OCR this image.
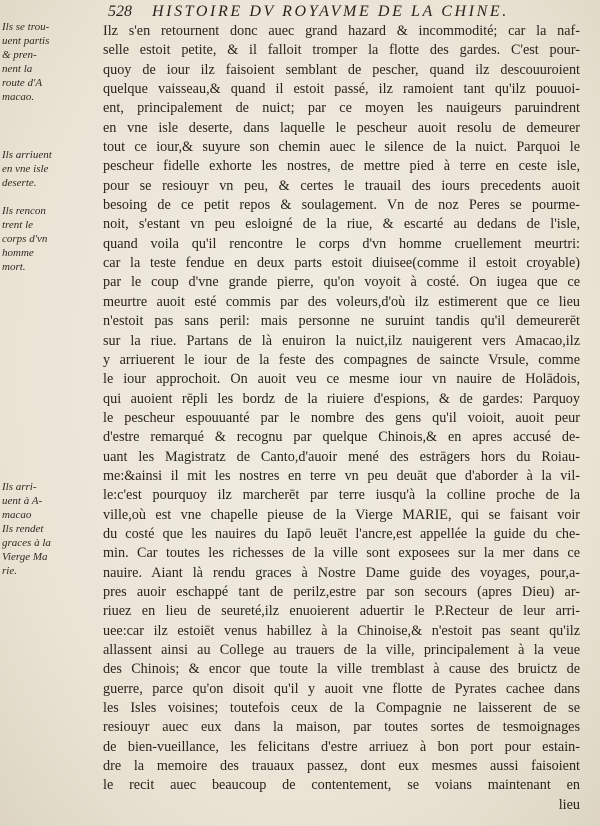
528 HISTOIRE DV ROYAVME DE LA CHINE.
Ils se trou-
uent partis
& pren-
nent la
route d'A
macao.
Ils arriuent
en vne isle
deserte.
Ils rencon
trent le
corps d'vn
homme
mort.
Ils arri-
uent à A-
macao
Ils rendet
graces à la
Vierge Ma
rie.
Ilz s'en retournent donc auec grand hazard & incommodité; car la naf-
selle estoit petite, & il falloit tromper la flotte des gardes. C'est pour-
quoy de iour ilz faisoient semblant de pescher, quand ilz descouuroient
quelque vaisseau,& quand il estoit passé, ilz ramoient tant qu'ilz pouuoi-
ent, principalement de nuict; par ce moyen les nauigeurs paruindrent
en vne isle deserte, dans laquelle le pescheur auoit resolu de demeurer
tout ce iour,& suyure son chemin auec le silence de la nuict. Parquoi le
pescheur fidelle exhorte les nostres, de mettre pied à terre en ceste isle,
pour se resiouyr vn peu, & certes le trauail des iours precedents auoit
besoing de ce petit repos & soulagement. Vn de noz Peres se pourme-
noit, s'estant vn peu esloigné de la riue, & escarté au dedans de l'isle,
quand voila qu'il rencontre le corps d'vn homme cruellement meurtri:
car la teste fendue en deux parts estoit diuisee(comme il estoit croyable)
par le coup d'vne grande pierre, qu'on voyoit à costé. On iugea que ce
meurtre auoit esté commis par des voleurs,d'où ilz estimerent que ce lieu
n'estoit pas sans peril: mais personne ne suruint tandis qu'il demeurerēt
sur la riue. Partans de là enuiron la nuict,ilz nauigerent vers Amacao,ilz
y arriuerent le iour de la feste des compagnes de saincte Vrsule, comme
le iour approchoit. On auoit veu ce mesme iour vn nauire de Holādois,
qui auoient rēpli les bordz de la riuiere d'espions, & de gardes: Parquoy
le pescheur espouuanté par le nombre des gens qu'il voioit, auoit peur
d'estre remarqué & recognu par quelque Chinois,& en apres accusé de-
uant les Magistratz de Canto,d'auoir mené des estrāgers hors du Roiau-
me:&ainsi il mit les nostres en terre vn peu deuāt que d'aborder à la vil-
le:c'est pourquoy ilz marcherēt par terre iusqu'à la colline proche de la
ville,où est vne chapelle pieuse de la Vierge MARIE, qui se faisant voir
du costé que les nauires du Iapō leuēt l'ancre,est appellée la guide du che-
min. Car toutes les richesses de la ville sont exposees sur la mer dans ce
nauire. Aiant là rendu graces à Nostre Dame guide des voyages, pour,a-
pres auoir eschappé tant de perilz,estre par son secours (apres Dieu) ar-
riuez en lieu de seureté,ilz enuoierent aduertir le P.Recteur de leur arri-
uee:car ilz estoiēt venus habillez à la Chinoise,& n'estoit pas seant qu'ilz
allassent ainsi au College au trauers de la ville, principalement à la veue
des Chinois; & encor que toute la ville tremblast à cause des bruictz de
guerre, parce qu'on disoit qu'il y auoit vne flotte de Pyrates cachee dans
les Isles voisines; toutefois ceux de la Compagnie ne laisserent de se
resiouyr auec eux dans la maison, par toutes sortes de tesmoignages
de bien-vueillance, les felicitans d'estre arriuez à bon port pour estain-
dre la memoire des trauaux passez, dont eux mesmes aussi faisoient
le recit auec beaucoup de contentement, se voians maintenant en
lieu
